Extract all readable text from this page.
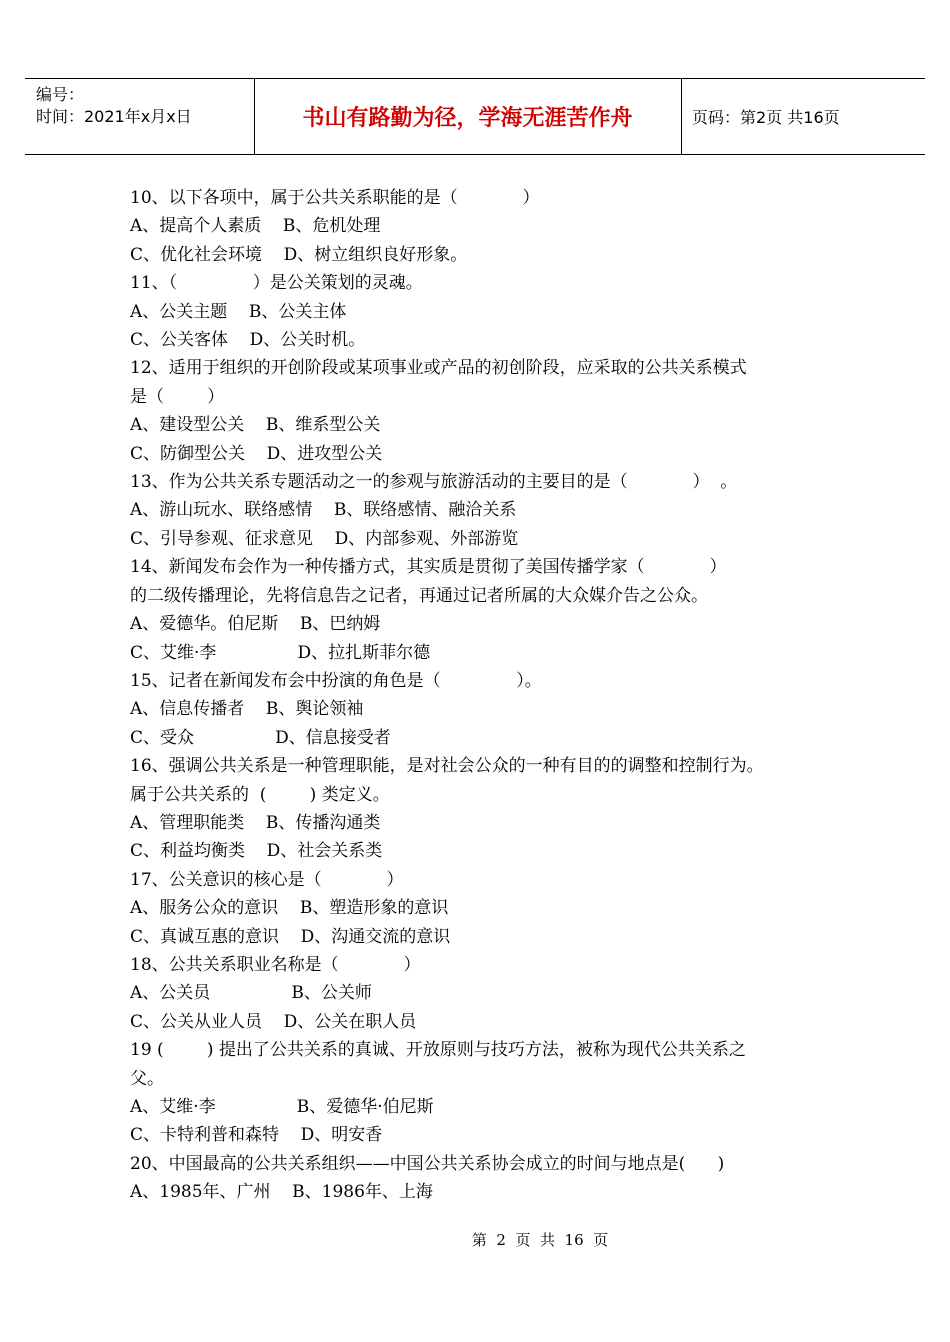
编号：
时间：2021年x月x日	书山有路勤为径，学海无涯苦作舟	页码：第2页 共16页
10、以下各项中，属于公共关系职能的是（            ）
A、提高个人素质    B、危机处理
C、优化社会环境    D、树立组织良好形象。
11、（              ）是公关策划的灵魂。
A、公关主题    B、公关主体
C、公关客体    D、公关时机。
12、适用于组织的开创阶段或某项事业或产品的初创阶段，应采取的公共关系模式
是（        ）
A、建设型公关    B、维系型公关
C、防御型公关    D、进攻型公关
13、作为公共关系专题活动之一的参观与旅游活动的主要目的是（            ）  。
A、游山玩水、联络感情    B、联络感情、融洽关系
C、引导参观、征求意见    D、内部参观、外部游览
14、新闻发布会作为一种传播方式，其实质是贯彻了美国传播学家（            ）
的二级传播理论，先将信息告之记者，再通过记者所属的大众媒介告之公众。
A、爱德华。伯尼斯    B、巴纳姆
C、艾维·李               D、拉扎斯菲尔德
15、记者在新闻发布会中扮演的角色是（              ）。
A、信息传播者    B、舆论领袖
C、受众               D、信息接受者
16、强调公共关系是一种管理职能，是对社会公众的一种有目的的调整和控制行为。
属于公共关系的  (        ) 类定义。
A、管理职能类    B、传播沟通类
C、利益均衡类    D、社会关系类
17、公关意识的核心是（            ）
A、服务公众的意识    B、塑造形象的意识
C、真诚互惠的意识    D、沟通交流的意识
18、公共关系职业名称是（            ）
A、公关员               B、公关师
C、公关从业人员    D、公关在职人员
19 (        ) 提出了公共关系的真诚、开放原则与技巧方法，被称为现代公共关系之
父。
A、艾维·李               B、爱德华·伯尼斯
C、卡特利普和森特    D、明安香
20、中国最高的公共关系组织——中国公共关系协会成立的时间与地点是(      )
A、1985年、广州    B、1986年、上海
第  2  页  共  16  页
